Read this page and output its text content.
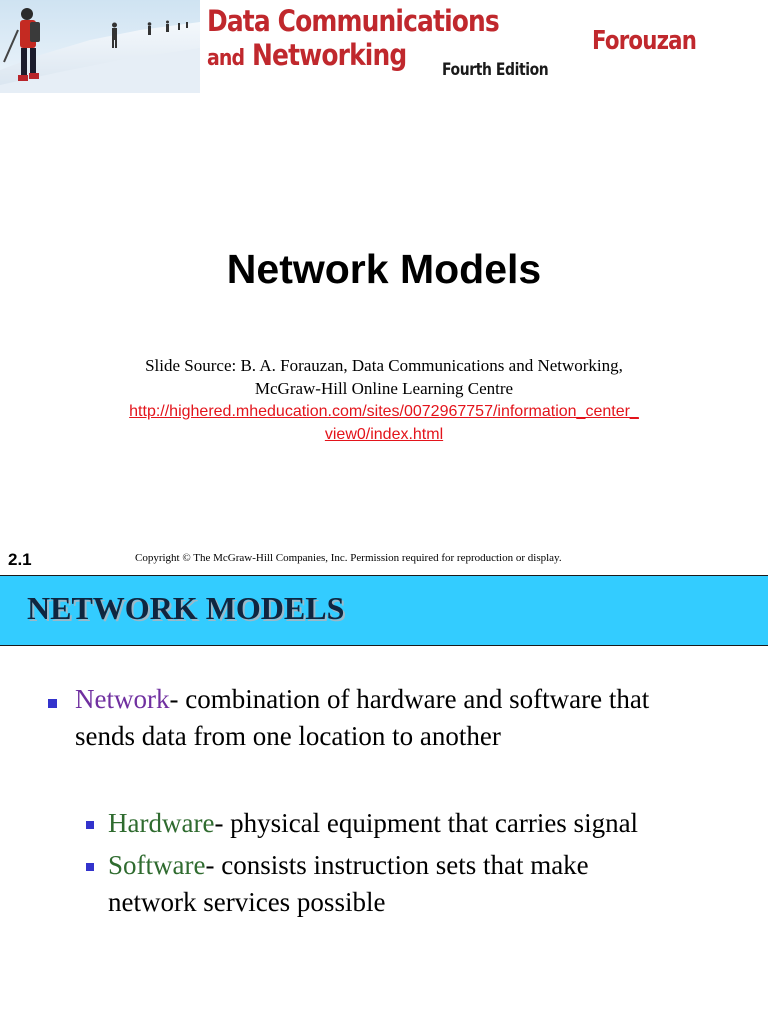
Data Communications
and Networking	Fourth Edition
Forouzan
Network Models
Slide Source: B. A. Forauzan, Data Communications and Networking,
McGraw-Hill Online Learning Centre
http://highered.mheducation.com/sites/0072967757/information_center_
view0/index.html
2.1	Copyright © The McGraw-Hill Companies, Inc. Permission required for reproduction or display.
NETWORK MODELS
Network- combination of hardware and software that
sends data from one location to another
Hardware- physical equipment that carries signal
Software- consists instruction sets that make
network services possible
